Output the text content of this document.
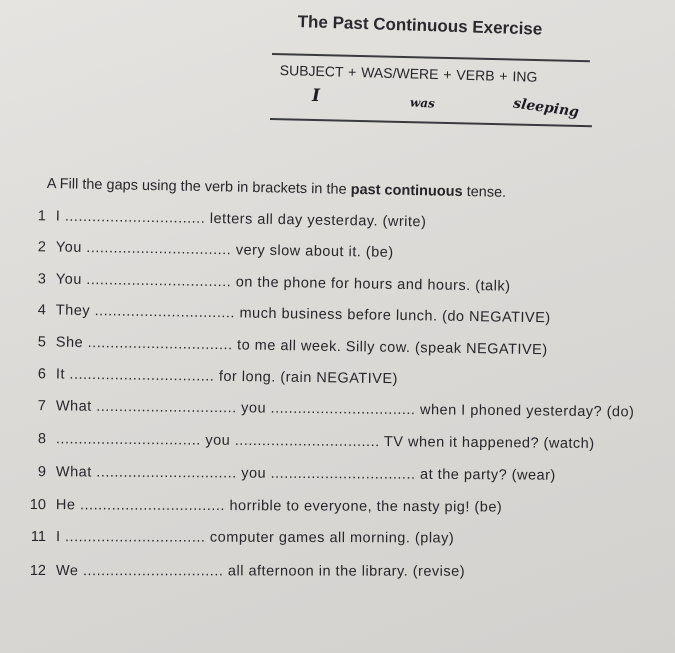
The Past Continuous Exercise
SUBJECT + WAS/WERE + VERB + ING
I	was	sleeping
A Fill the gaps using the verb in brackets in the past continuous tense.
1 I ............................... letters all day yesterday. (write)
2 You ................................ very slow about it. (be)
3 You ................................ on the phone for hours and hours. (talk)
4 They ............................... much business before lunch. (do NEGATIVE)
5 She ................................ to me all week. Silly cow. (speak NEGATIVE)
6 It ................................ for long. (rain NEGATIVE)
7 What ............................... you ................................ when I phoned yesterday? (do)
8 ................................ you ................................ TV when it happened? (watch)
9 What ............................... you ................................ at the party? (wear)
10 He ................................ horrible to everyone, the nasty pig! (be)
11 I ............................... computer games all morning. (play)
12 We ............................... all afternoon in the library. (revise)
